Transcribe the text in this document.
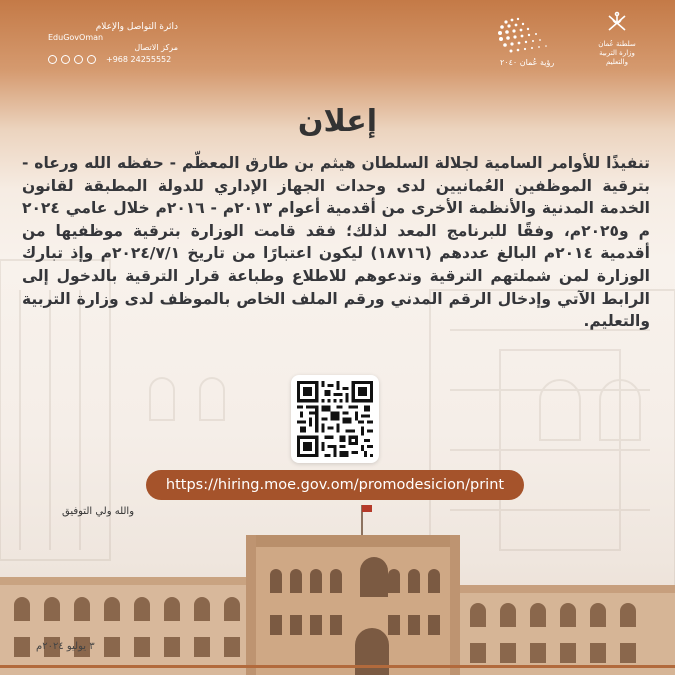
دائرة التواصل والإعلام
EduGovOman
مركز الاتصال
+968 24255552	رؤية عُمان ٢٠٤٠
سلطنة عُمان
وزارة التربية والتعليم
إعلان
تنفيذًا للأوامر السامية لجلالة السلطان هيثم بن طارق المعظّم - حفظه الله ورعاه - بترقية الموظفين العُمانيين لدى وحدات الجهاز الإداري للدولة المطبقة لقانون الخدمة المدنية والأنظمة الأخرى من أقدمية أعوام ٢٠١٣م - ٢٠١٦م خلال عامي ٢٠٢٤ م و٢٠٢٥م، وفقًا للبرنامج المعد لذلك؛ فقد قامت الوزارة بترقية موظفيها من أقدمية ٢٠١٤م البالغ عددهم (١٨٧١٦) ليكون اعتبارًا من تاريخ ٢٠٢٤/٧/١م وإذ تبارك الوزارة لمن شملتهم الترقية وتدعوهم للاطلاع وطباعة قرار الترقية بالدخول إلى الرابط الآتي وإدخال الرقم المدني ورقم الملف الخاص بالموظف لدى وزارة التربية والتعليم.
https://hiring.moe.gov.om/promodesicion/print
والله ولي التوفيق
٣ يوليو ٢٠٢٤م
